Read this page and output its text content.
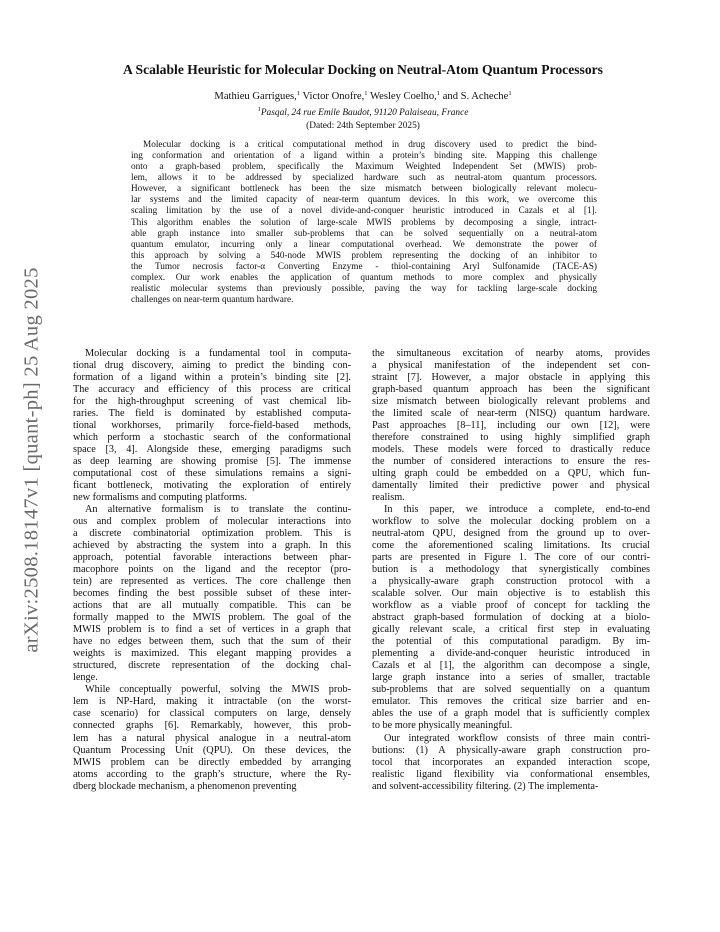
arXiv:2508.18147v1 [quant-ph] 25 Aug 2025
A Scalable Heuristic for Molecular Docking on Neutral-Atom Quantum Processors
Mathieu Garrigues,$^1$ Victor Onofre,$^1$ Wesley Coelho,$^1$ and S. Acheche$^1$
$^1$Pasqal, 24 rue Emile Baudot, 91120 Palaiseau, France
(Dated: 24th September 2025)
Molecular docking is a critical computational method in drug discovery used to predict the bind-
ing conformation and orientation of a ligand within a protein’s binding site. Mapping this challenge
onto a graph-based problem, specifically the Maximum Weighted Independent Set (MWIS) prob-
lem, allows it to be addressed by specialized hardware such as neutral-atom quantum processors.
However, a significant bottleneck has been the size mismatch between biologically relevant molecu-
lar systems and the limited capacity of near-term quantum devices. In this work, we overcome this
scaling limitation by the use of a novel divide-and-conquer heuristic introduced in Cazals et al [1].
This algorithm enables the solution of large-scale MWIS problems by decomposing a single, intract-
able graph instance into smaller sub-problems that can be solved sequentially on a neutral-atom
quantum emulator, incurring only a linear computational overhead. We demonstrate the power of
this approach by solving a 540-node MWIS problem representing the docking of an inhibitor to
the Tumor necrosis factor-α Converting Enzyme - thiol-containing Aryl Sulfonamide (TACE-AS)
complex. Our work enables the application of quantum methods to more complex and physically
realistic molecular systems than previously possible, paving the way for tackling large-scale docking
challenges on near-term quantum hardware.
Molecular docking is a fundamental tool in computa-
tional drug discovery, aiming to predict the binding con-
formation of a ligand within a protein’s binding site [2].
The accuracy and efficiency of this process are critical
for the high-throughput screening of vast chemical lib-
raries. The field is dominated by established computa-
tional workhorses, primarily force-field-based methods,
which perform a stochastic search of the conformational
space [3, 4]. Alongside these, emerging paradigms such
as deep learning are showing promise [5]. The immense
computational cost of these simulations remains a signi-
ficant bottleneck, motivating the exploration of entirely
new formalisms and computing platforms.
An alternative formalism is to translate the continu-
ous and complex problem of molecular interactions into
a discrete combinatorial optimization problem. This is
achieved by abstracting the system into a graph. In this
approach, potential favorable interactions between phar-
macophore points on the ligand and the receptor (pro-
tein) are represented as vertices. The core challenge then
becomes finding the best possible subset of these inter-
actions that are all mutually compatible. This can be
formally mapped to the MWIS problem. The goal of the
MWIS problem is to find a set of vertices in a graph that
have no edges between them, such that the sum of their
weights is maximized. This elegant mapping provides a
structured, discrete representation of the docking chal-
lenge.
While conceptually powerful, solving the MWIS prob-
lem is NP-Hard, making it intractable (on the worst-
case scenario) for classical computers on large, densely
connected graphs [6]. Remarkably, however, this prob-
lem has a natural physical analogue in a neutral-atom
Quantum Processing Unit (QPU). On these devices, the
MWIS problem can be directly embedded by arranging
atoms according to the graph’s structure, where the Ry-
dberg blockade mechanism, a phenomenon preventing
the simultaneous excitation of nearby atoms, provides
a physical manifestation of the independent set con-
straint [7]. However, a major obstacle in applying this
graph-based quantum approach has been the significant
size mismatch between biologically relevant problems and
the limited scale of near-term (NISQ) quantum hardware.
Past approaches [8–11], including our own [12], were
therefore constrained to using highly simplified graph
models. These models were forced to drastically reduce
the number of considered interactions to ensure the res-
ulting graph could be embedded on a QPU, which fun-
damentally limited their predictive power and physical
realism.
In this paper, we introduce a complete, end-to-end
workflow to solve the molecular docking problem on a
neutral-atom QPU, designed from the ground up to over-
come the aforementioned scaling limitations. Its crucial
parts are presented in Figure 1. The core of our contri-
bution is a methodology that synergistically combines
a physically-aware graph construction protocol with a
scalable solver. Our main objective is to establish this
workflow as a viable proof of concept for tackling the
abstract graph-based formulation of docking at a biolo-
gically relevant scale, a critical first step in evaluating
the potential of this computational paradigm. By im-
plementing a divide-and-conquer heuristic introduced in
Cazals et al [1], the algorithm can decompose a single,
large graph instance into a series of smaller, tractable
sub-problems that are solved sequentially on a quantum
emulator. This removes the critical size barrier and en-
ables the use of a graph model that is sufficiently complex
to be more physically meaningful.
Our integrated workflow consists of three main contri-
butions: (1) A physically-aware graph construction pro-
tocol that incorporates an expanded interaction scope,
realistic ligand flexibility via conformational ensembles,
and solvent-accessibility filtering. (2) The implementa-
